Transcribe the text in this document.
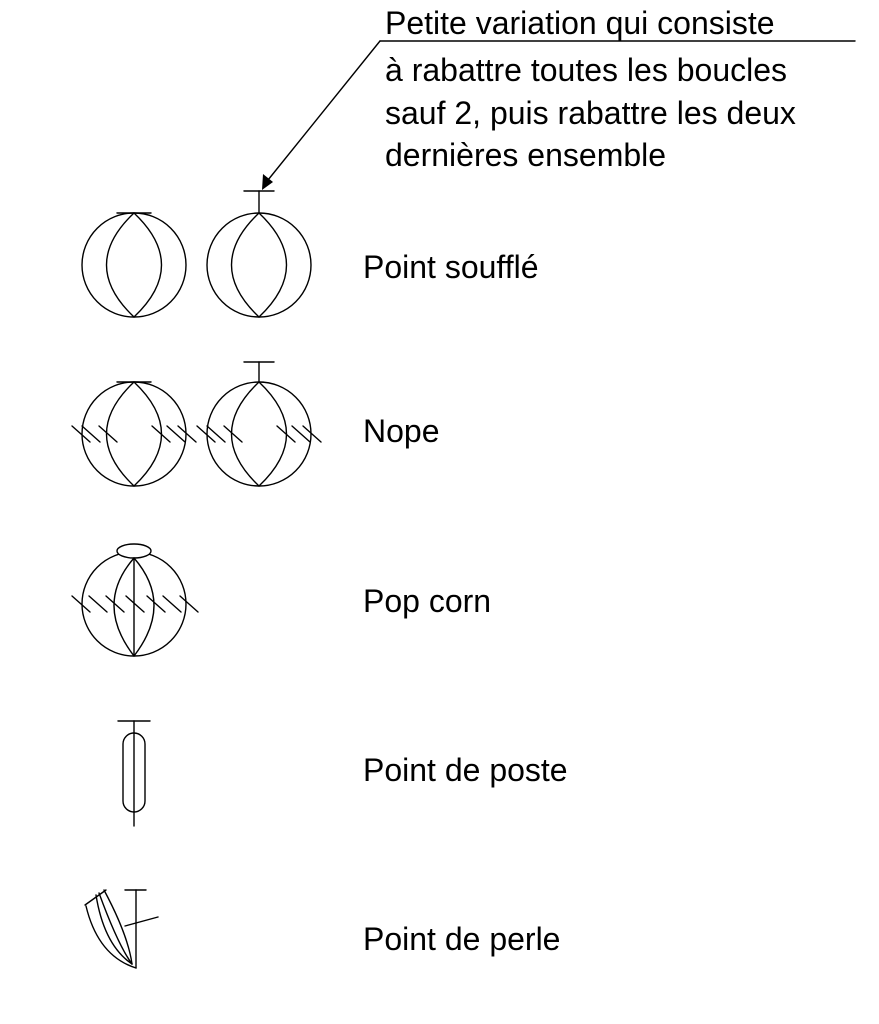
Petite variation qui consiste
à rabattre toutes les boucles
sauf 2, puis rabattre les deux
dernières ensemble
Point soufflé
Nope
Pop corn
Point de poste
Point de perle
